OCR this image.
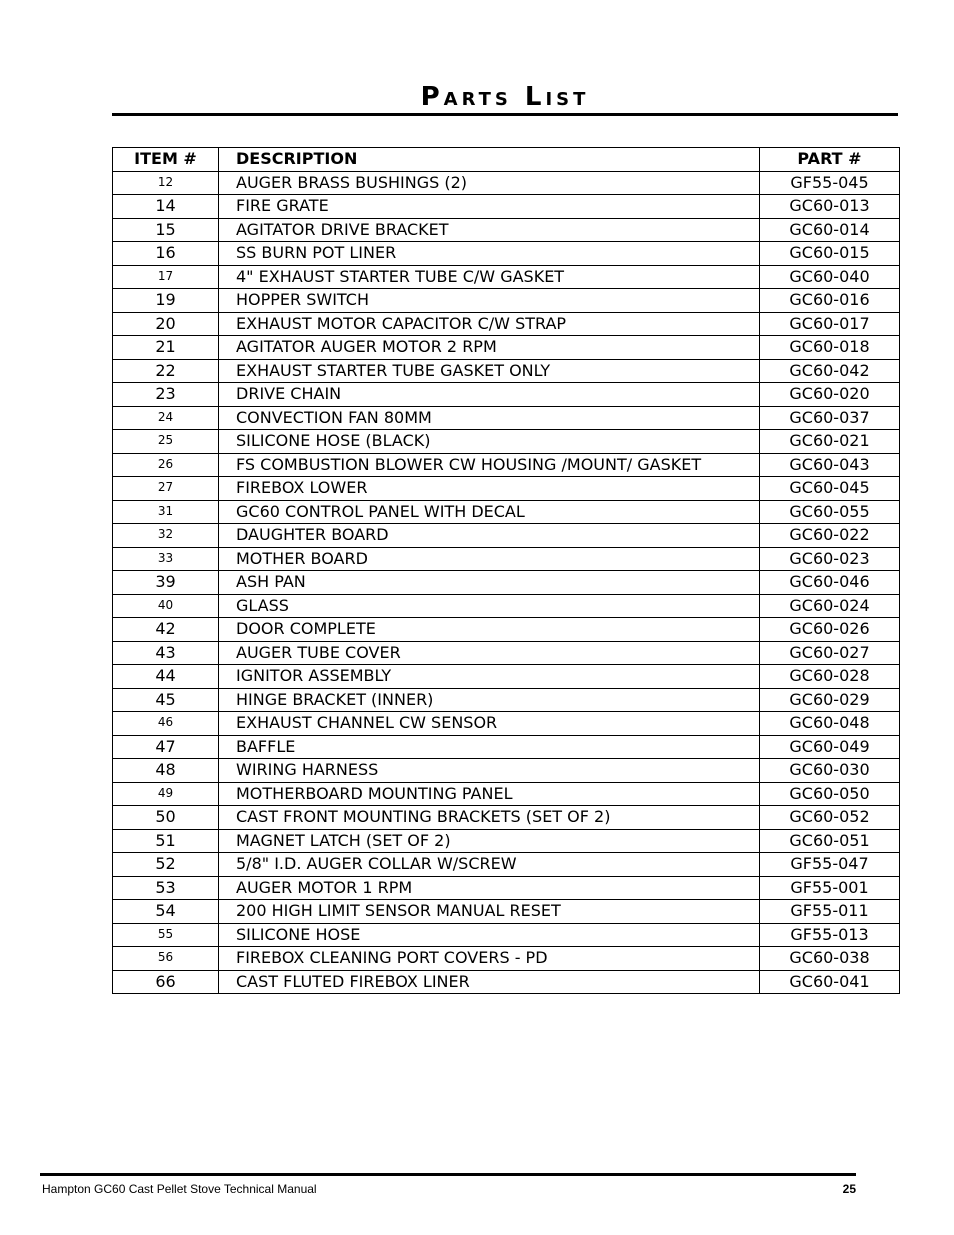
Parts List
ITEM #	DESCRIPTION	PART #
12	AUGER BRASS BUSHINGS (2)	GF55-045
14	FIRE GRATE	GC60-013
15	AGITATOR DRIVE BRACKET	GC60-014
16	SS BURN POT LINER	GC60-015
17	4" EXHAUST STARTER TUBE C/W GASKET	GC60-040
19	HOPPER SWITCH	GC60-016
20	EXHAUST MOTOR CAPACITOR C/W STRAP	GC60-017
21	AGITATOR AUGER MOTOR 2 RPM	GC60-018
22	EXHAUST STARTER TUBE GASKET ONLY	GC60-042
23	DRIVE CHAIN	GC60-020
24	CONVECTION FAN 80MM	GC60-037
25	SILICONE HOSE (BLACK)	GC60-021
26	FS COMBUSTION BLOWER CW HOUSING /MOUNT/ GASKET	GC60-043
27	FIREBOX LOWER	GC60-045
31	GC60 CONTROL PANEL WITH DECAL	GC60-055
32	DAUGHTER BOARD	GC60-022
33	MOTHER BOARD	GC60-023
39	ASH PAN	GC60-046
40	GLASS	GC60-024
42	DOOR COMPLETE	GC60-026
43	AUGER TUBE COVER	GC60-027
44	IGNITOR ASSEMBLY	GC60-028
45	HINGE BRACKET (INNER)	GC60-029
46	EXHAUST CHANNEL CW SENSOR	GC60-048
47	BAFFLE	GC60-049
48	WIRING HARNESS	GC60-030
49	MOTHERBOARD MOUNTING PANEL	GC60-050
50	CAST FRONT MOUNTING BRACKETS (SET OF 2)	GC60-052
51	MAGNET LATCH (SET OF 2)	GC60-051
52	5/8" I.D. AUGER COLLAR W/SCREW	GF55-047
53	AUGER MOTOR 1 RPM	GF55-001
54	200 HIGH LIMIT SENSOR MANUAL RESET	GF55-011
55	SILICONE HOSE	GF55-013
56	FIREBOX CLEANING PORT COVERS - PD	GC60-038
66	CAST FLUTED FIREBOX LINER	GC60-041
Hampton GC60 Cast Pellet Stove Technical Manual	25
